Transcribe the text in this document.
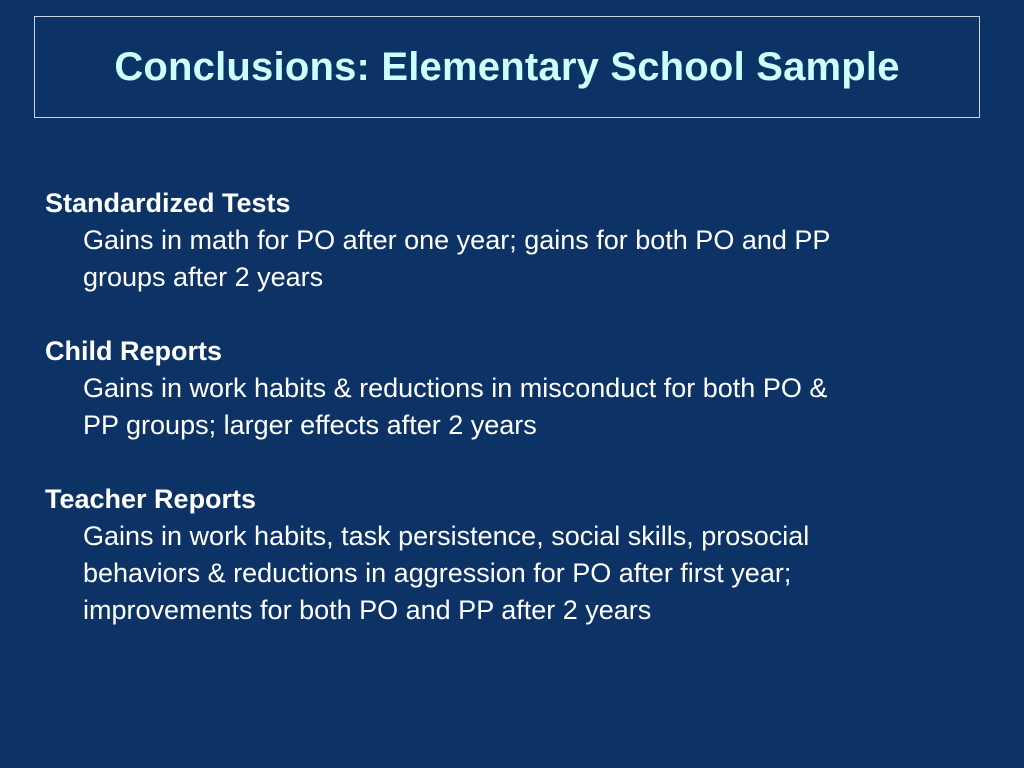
Conclusions: Elementary School Sample

Standardized Tests

Gains in math for PO after one year; gains for both PO and PP
groups after 2 years

Child Reports

Gains in work habits & reductions in misconduct for both PO &
PP groups; larger effects after 2 years

Teacher Reports

Gains in work habits, task persistence, social skills, prosocial
behaviors & reductions in aggression for PO after first year;
improvements for both PO and PP after 2 years
